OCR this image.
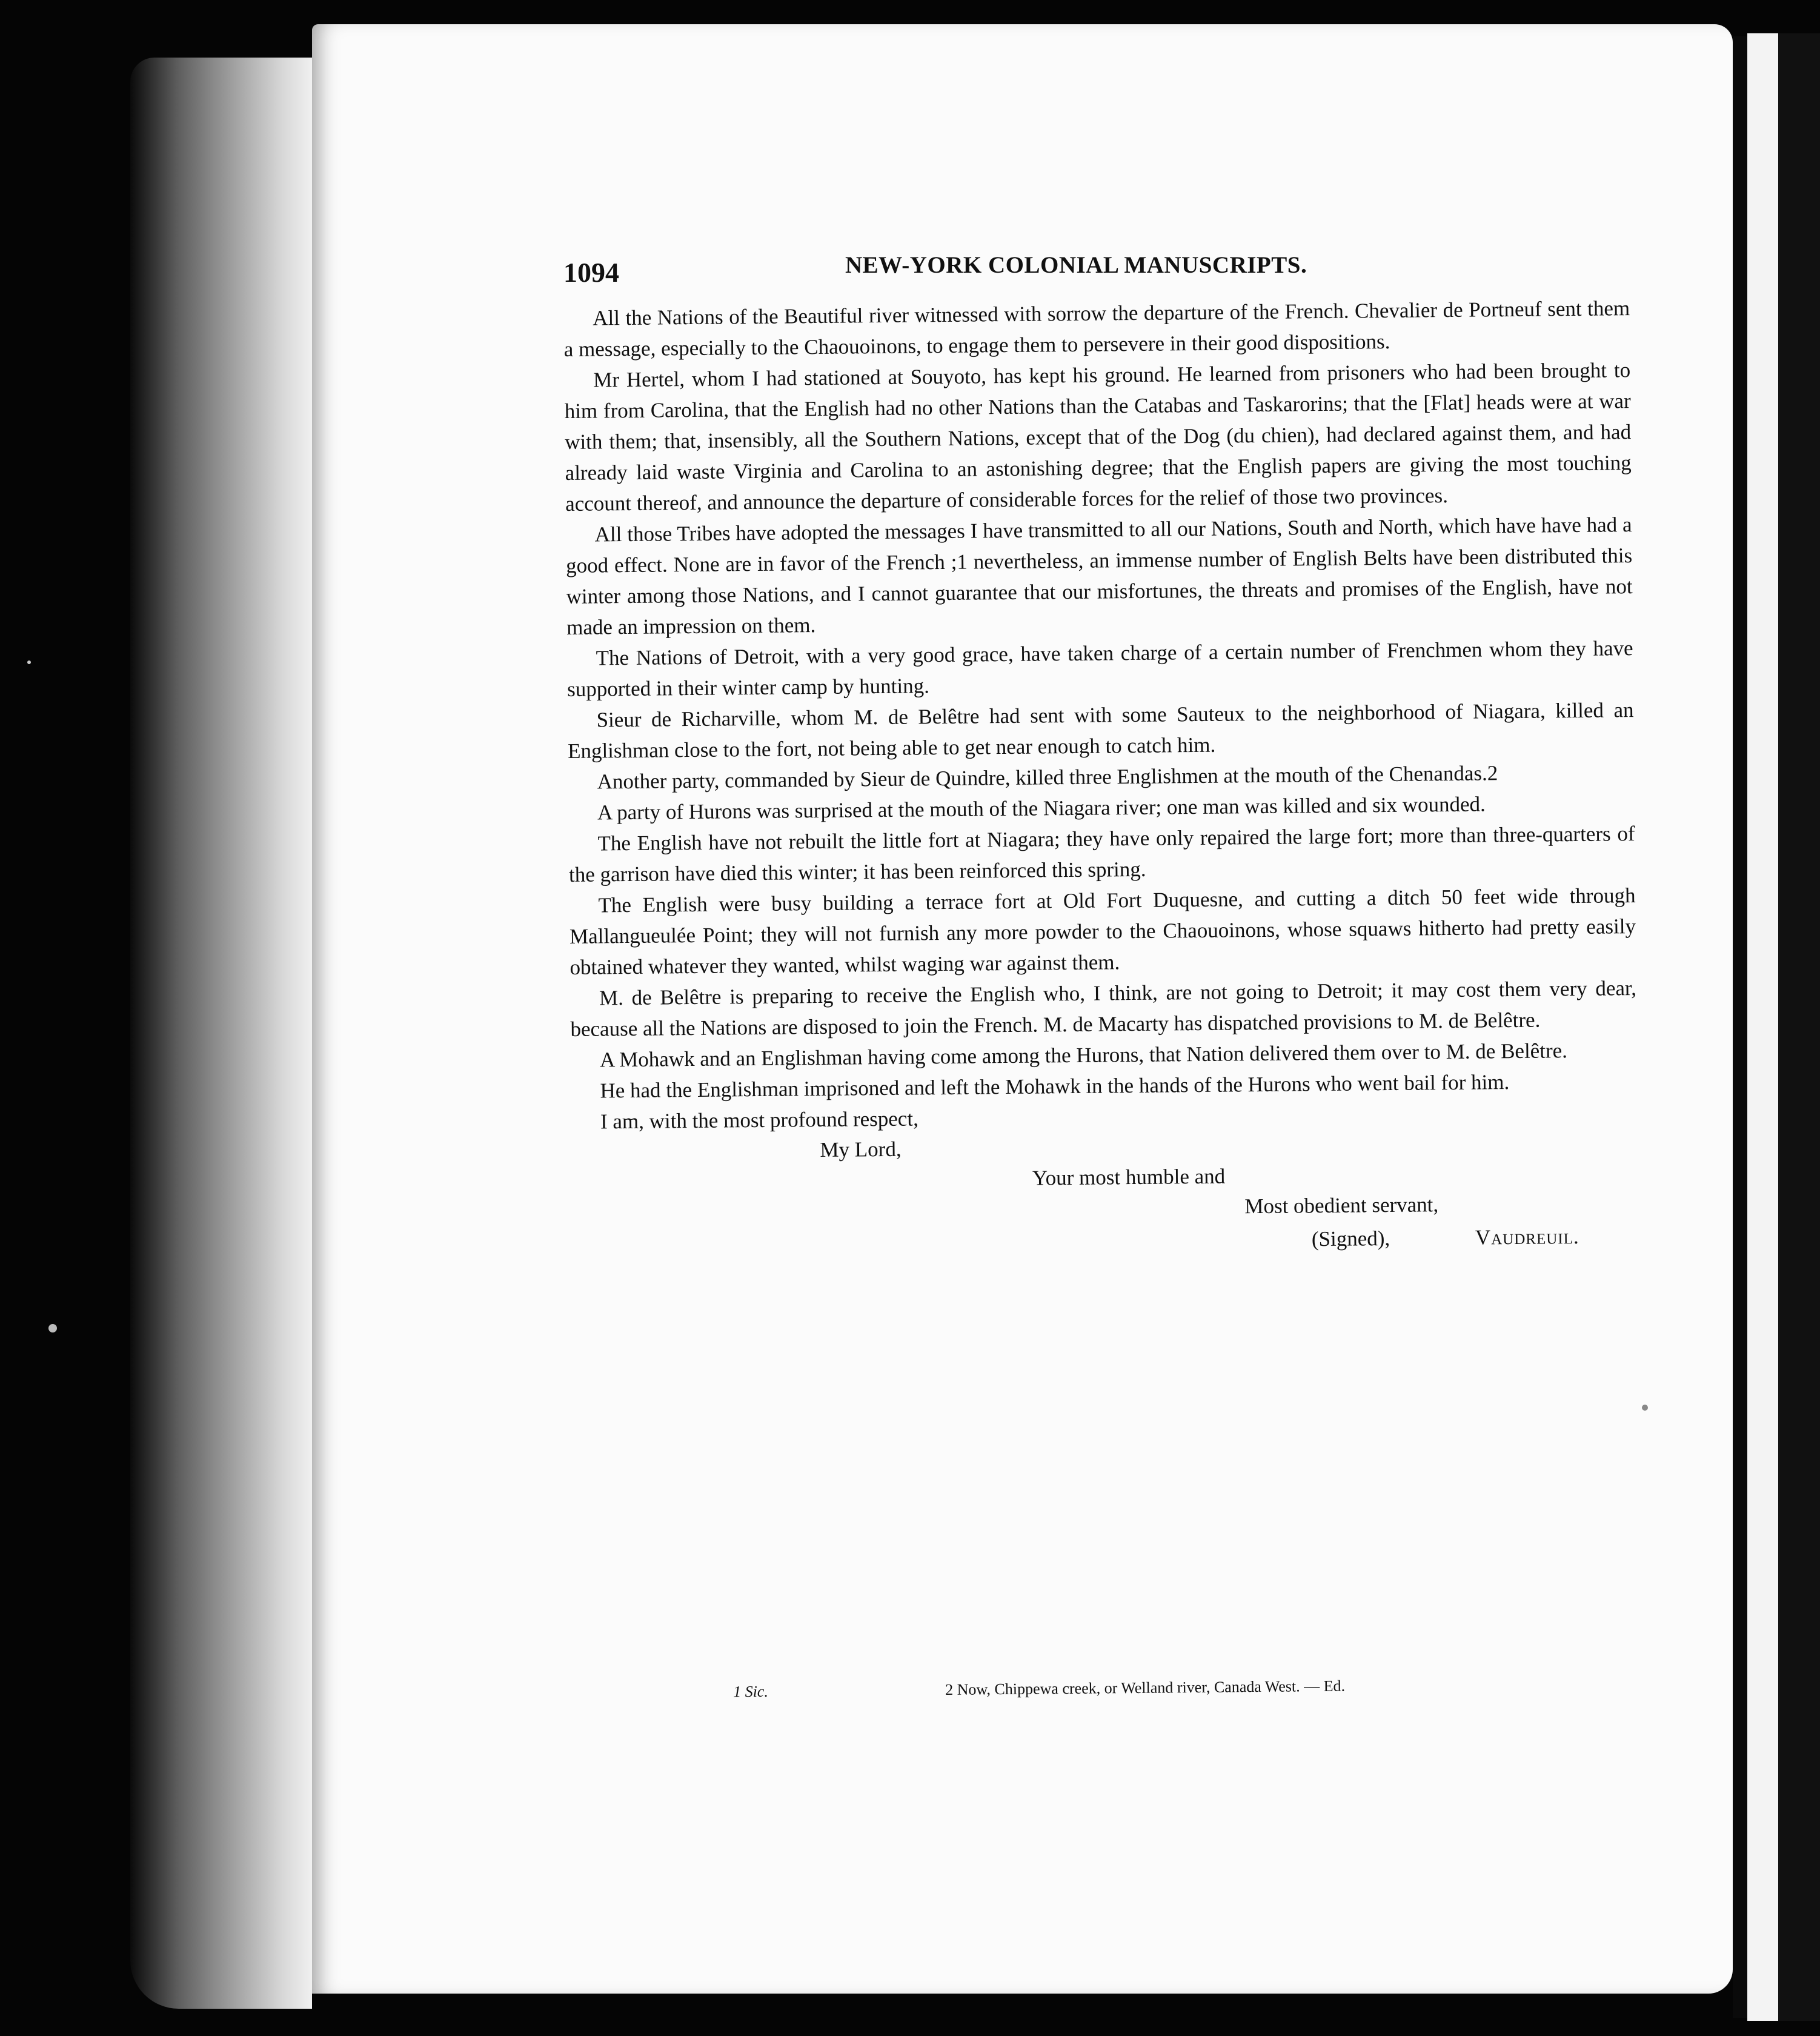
1094	NEW-YORK COLONIAL MANUSCRIPTS.

All the Nations of the Beautiful river witnessed with sorrow the departure of the French. Chevalier de Portneuf sent them a message, especially to the Chaouoinons, to engage them to persevere in their good dispositions.

Mr Hertel, whom I had stationed at Souyoto, has kept his ground. He learned from prisoners who had been brought to him from Carolina, that the English had no other Nations than the Catabas and Taskarorins; that the [Flat] heads were at war with them; that, insensibly, all the Southern Nations, except that of the Dog (du chien), had declared against them, and had already laid waste Virginia and Carolina to an astonishing degree; that the English papers are giving the most touching account thereof, and announce the departure of considerable forces for the relief of those two provinces.

All those Tribes have adopted the messages I have transmitted to all our Nations, South and North, which have have had a good effect. None are in favor of the French ;1 nevertheless, an immense number of English Belts have been distributed this winter among those Nations, and I cannot guarantee that our misfortunes, the threats and promises of the English, have not made an impression on them.

The Nations of Detroit, with a very good grace, have taken charge of a certain number of Frenchmen whom they have supported in their winter camp by hunting.

Sieur de Richarville, whom M. de Belêtre had sent with some Sauteux to the neighborhood of Niagara, killed an Englishman close to the fort, not being able to get near enough to catch him.

Another party, commanded by Sieur de Quindre, killed three Englishmen at the mouth of the Chenandas.2

A party of Hurons was surprised at the mouth of the Niagara river; one man was killed and six wounded.

The English have not rebuilt the little fort at Niagara; they have only repaired the large fort; more than three-quarters of the garrison have died this winter; it has been reinforced this spring.

The English were busy building a terrace fort at Old Fort Duquesne, and cutting a ditch 50 feet wide through Mallangueulée Point; they will not furnish any more powder to the Chaouoinons, whose squaws hitherto had pretty easily obtained whatever they wanted, whilst waging war against them.

M. de Belêtre is preparing to receive the English who, I think, are not going to Detroit; it may cost them very dear, because all the Nations are disposed to join the French. M. de Macarty has dispatched provisions to M. de Belêtre.

A Mohawk and an Englishman having come among the Hurons, that Nation delivered them over to M. de Belêtre.

He had the Englishman imprisoned and left the Mohawk in the hands of the Hurons who went bail for him.

I am, with the most profound respect,
My Lord,
Your most humble and
Most obedient servant,
(Signed),	Vaudreuil.
1 Sic.	2 Now, Chippewa creek, or Welland river, Canada West. — Ed.
